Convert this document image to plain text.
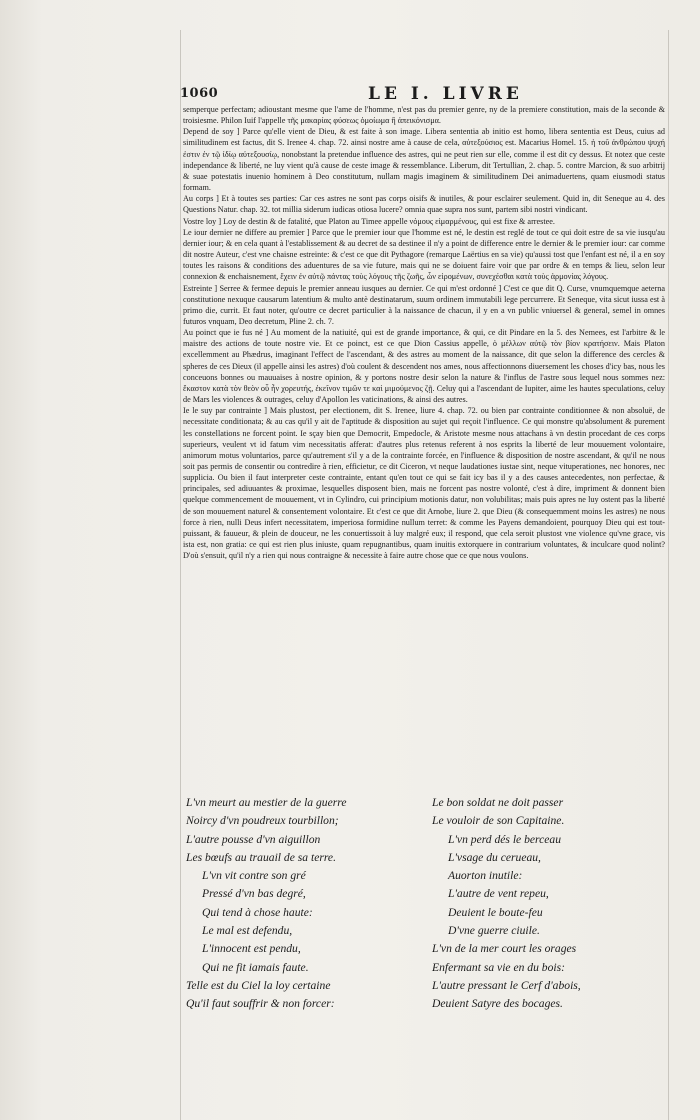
1060	LE I. LIVRE

semperque perfectam; adioustant mesme que l'ame de l'homme, n'est pas du premier genre, ny de la premiere constitution, mais de la seconde & troisiesme. Philon Iuif l'appelle τῆς μακαρίας φύσεως ὁμοίωμα ἢ ἀπεικόνισμα.

Depend de soy ] Parce qu'elle vient de Dieu, & est faite à son image. Libera sententia ab initio est homo, libera sententia est Deus, cuius ad similitudinem est factus, dit S. Irenee 4. chap. 72. ainsi nostre ame à cause de cela, αὐτεξούσιος est. Macarius Homel. 15. ἡ τοῦ ἀνθρώπου ψυχή ἐστιν ἐν τῷ ἰδίῳ αὐτεξουσίῳ, nonobstant la pretendue influence des astres, qui ne peut rien sur elle, comme il est dit cy dessus. Et notez que ceste independance & liberté, ne luy vient qu'à cause de ceste image & ressemblance. Liberum, dit Tertullian, 2. chap. 5. contre Marcion, & suo arbitrij & suae potestatis inuenio hominem à Deo constitutum, nullam magis imaginem & similitudinem Dei animaduertens, quam eiusmodi status formam.

Au corps ] Et à toutes ses parties: Car ces astres ne sont pas corps oisifs & inutiles, & pour esclairer seulement. Quid in, dit Seneque au 4. des Questions Natur. chap. 32. tot millia siderum iudicas otiosa lucere? omnia quae supra nos sunt, partem sibi nostri vindicant.

Vostre loy ] Loy de destin & de fatalité, que Platon au Timee appelle νόμους εἱμαρμένους, qui est fixe & arrestee.

Le iour dernier ne differe au premier ] Parce que le premier iour que l'homme est né, le destin est reglé de tout ce qui doit estre de sa vie iusqu'au dernier iour; & en cela quant à l'establissement & au decret de sa destinee il n'y a point de difference entre le dernier & le premier iour: car comme dit nostre Auteur, c'est vne chaisne estreinte: & c'est ce que dit Pythagore (remarque Laërtius en sa vie) qu'aussi tost que l'enfant est né, il a en soy toutes les raisons & conditions des aduentures de sa vie future, mais qui ne se doiuent faire voir que par ordre & en temps & lieu, selon leur connexion & enchaisnement, ἔχειν ἐν αὐτῷ πάντας τοὺς λόγους τῆς ζωῆς, ὧν εἰρομένων, συνεχέσθαι κατὰ τοὺς ἁρμονίας λόγους.

Estreinte ] Serree & fermee depuis le premier anneau iusques au dernier. Ce qui m'est ordonné ] C'est ce que dit Q. Curse, vnumquemque aeterna constitutione nexuque causarum latentium & multo antè destinatarum, suum ordinem immutabili lege percurrere. Et Seneque, vita sicut iussa est à primo die, currit. Et faut noter, qu'outre ce decret particulier à la naissance de chacun, il y en a vn public vniuersel & general, semel in omnes futuros vnquam, Deo decretum, Pline 2. ch. 7.

Au poinct que ie fus né ] Au moment de la natiuité, qui est de grande importance, & qui, ce dit Pindare en la 5. des Nemees, est l'arbitre & le maistre des actions de toute nostre vie. Et ce poinct, est ce que Dion Cassius appelle, ὁ μέλλων αὐτῷ τὸν βίον κρατήσειν. Mais Platon excellemment au Phædrus, imaginant l'effect de l'ascendant, & des astres au moment de la naissance, dit que selon la difference des cercles & spheres de ces Dieux (il appelle ainsi les astres) d'où coulent & descendent nos ames, nous affectionnons diuersement les choses d'icy bas, nous les conceuons bonnes ou mauuaises à nostre opinion, & y portons nostre desir selon la nature & l'influs de l'astre sous lequel nous sommes nez: ἕκαστον κατὰ τὸν θεὸν οὗ ἦν χορευτής, ἐκεῖνον τιμῶν τε καὶ μιμούμενος ζῇ. Celuy qui a l'ascendant de Iupiter, aime les hautes speculations, celuy de Mars les violences & outrages, celuy d'Apollon les vaticinations, & ainsi des autres.

Ie le suy par contrainte ] Mais plustost, per electionem, dit S. Irenee, liure 4. chap. 72. ou bien par contrainte conditionnee & non absoluë, de necessitate conditionata; & au cas qu'il y ait de l'aptitude & disposition au sujet qui reçoit l'influence. Ce qui monstre qu'absolument & purement les constellations ne forcent point. Ie sçay bien que Democrit, Empedocle, & Aristote mesme nous attachans à vn destin procedant de ces corps superieurs, veulent vt id fatum vim necessitatis afferat: d'autres plus retenus referent à nos esprits la liberté de leur mouuement volontaire, animorum motus voluntarios, parce qu'autrement s'il y a de la contrainte forcée, en l'influence & disposition de nostre ascendant, & qu'il ne nous soit pas permis de consentir ou contredire à rien, efficietur, ce dit Ciceron, vt neque laudationes iustae sint, neque vituperationes, nec honores, nec supplicia. Ou bien il faut interpreter ceste contrainte, entant qu'en tout ce qui se fait icy bas il y a des causes antecedentes, non perfectae, & principales, sed adiuuantes & proximae, lesquelles disposent bien, mais ne forcent pas nostre volonté, c'est à dire, impriment & donnent bien quelque commencement de mouuement, vt in Cylindro, cui principium motionis datur, non volubilitas; mais puis apres ne luy ostent pas la liberté de son mouuement naturel & consentement volontaire. Et c'est ce que dit Arnobe, liure 2. que Dieu (& consequemment moins les astres) ne nous force à rien, nulli Deus infert necessitatem, imperiosa formidine nullum terret: & comme les Payens demandoient, pourquoy Dieu qui est tout-puissant, & fauueur, & plein de douceur, ne les conuertissoit à luy malgré eux; il respond, que cela seroit plustost vne violence qu'vne grace, vis ista est, non gratia: ce qui est rien plus iniuste, quam repugnantibus, quam inuitis extorquere in contrarium voluntates, & inculcare quod nolint? D'où s'ensuit, qu'il n'y a rien qui nous contraigne & necessite à faire autre chose que ce que nous voulons.

L'vn meurt au mestier de la guerre
Noircy d'vn poudreux tourbillon;
L'autre pousse d'vn aiguillon
Les bœufs au trauail de sa terre.
L'vn vit contre son gré
Pressé d'vn bas degré,
Qui tend à chose haute:
Le mal est defendu,
L'innocent est pendu,
Qui ne fit iamais faute.
Telle est du Ciel la loy certaine
Qu'il faut souffrir & non forcer:
Le bon soldat ne doit passer
Le vouloir de son Capitaine.
L'vn perd dés le berceau
L'vsage du cerueau,
Auorton inutile:
L'autre de vent repeu,
Deuient le boute-feu
D'vne guerre ciuile.
L'vn de la mer court les orages
Enfermant sa vie en du bois:
L'autre pressant le Cerf d'abois,
Deuient Satyre des bocages.
